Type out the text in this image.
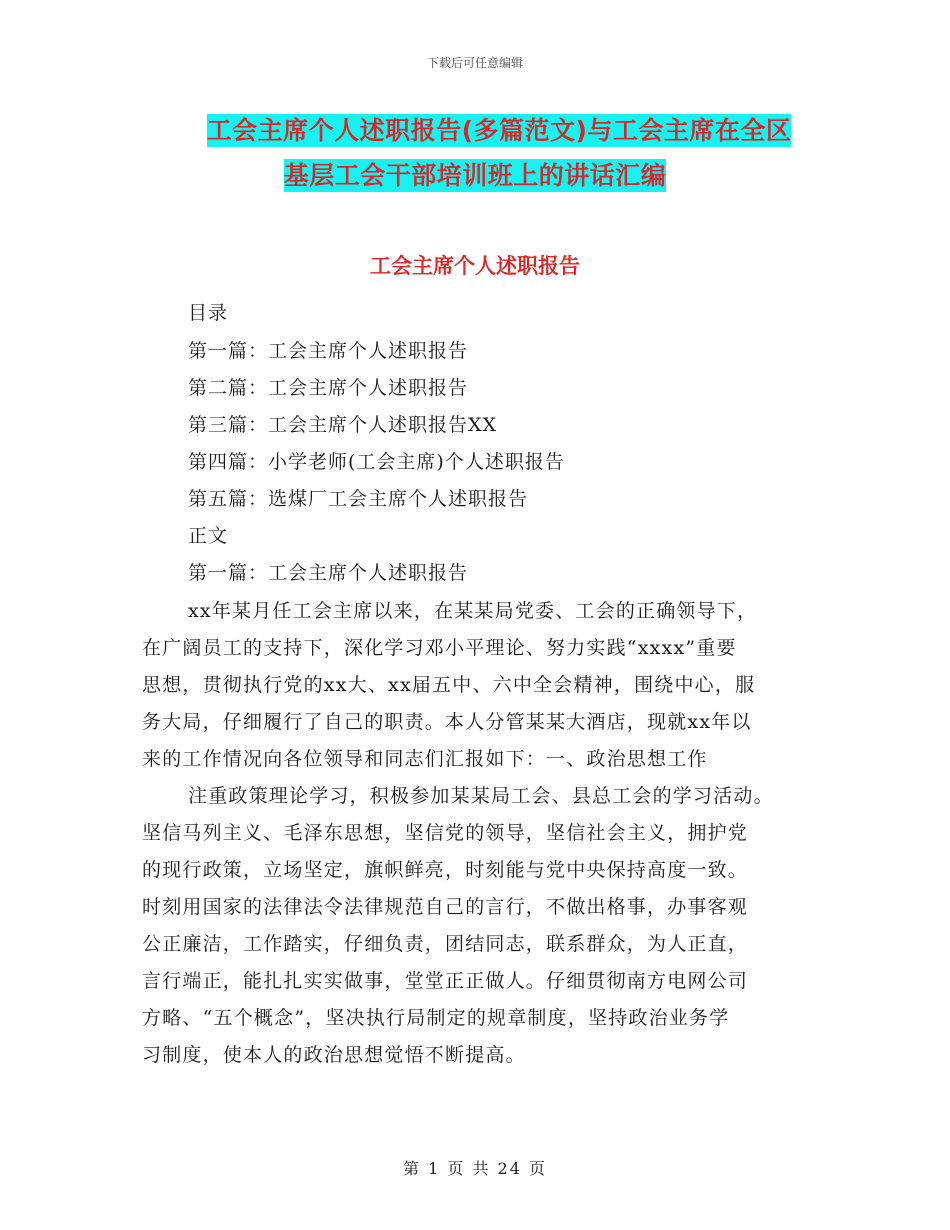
下载后可任意编辑
工会主席个人述职报告(多篇范文)与工会主席在全区
基层工会干部培训班上的讲话汇编
工会主席个人述职报告
目录
第一篇：工会主席个人述职报告
第二篇：工会主席个人述职报告
第三篇：工会主席个人述职报告XX
第四篇：小学老师(工会主席)个人述职报告
第五篇：选煤厂工会主席个人述职报告
正文
第一篇：工会主席个人述职报告
xx年某月任工会主席以来，在某某局党委、工会的正确领导下，
在广阔员工的支持下，深化学习邓小平理论、努力实践“xxxx”重要
思想，贯彻执行党的xx大、xx届五中、六中全会精神，围绕中心，服
务大局，仔细履行了自己的职责。本人分管某某大酒店，现就xx年以
来的工作情况向各位领导和同志们汇报如下：一、政治思想工作
注重政策理论学习，积极参加某某局工会、县总工会的学习活动。
坚信马列主义、毛泽东思想，坚信党的领导，坚信社会主义，拥护党
的现行政策，立场坚定，旗帜鲜亮，时刻能与党中央保持高度一致。
时刻用国家的法律法令法律规范自己的言行，不做出格事，办事客观
公正廉洁，工作踏实，仔细负责，团结同志，联系群众，为人正直，
言行端正，能扎扎实实做事，堂堂正正做人。仔细贯彻南方电网公司
方略、“五个概念”，坚决执行局制定的规章制度，坚持政治业务学
习制度，使本人的政治思想觉悟不断提高。
第 1 页 共 24 页
